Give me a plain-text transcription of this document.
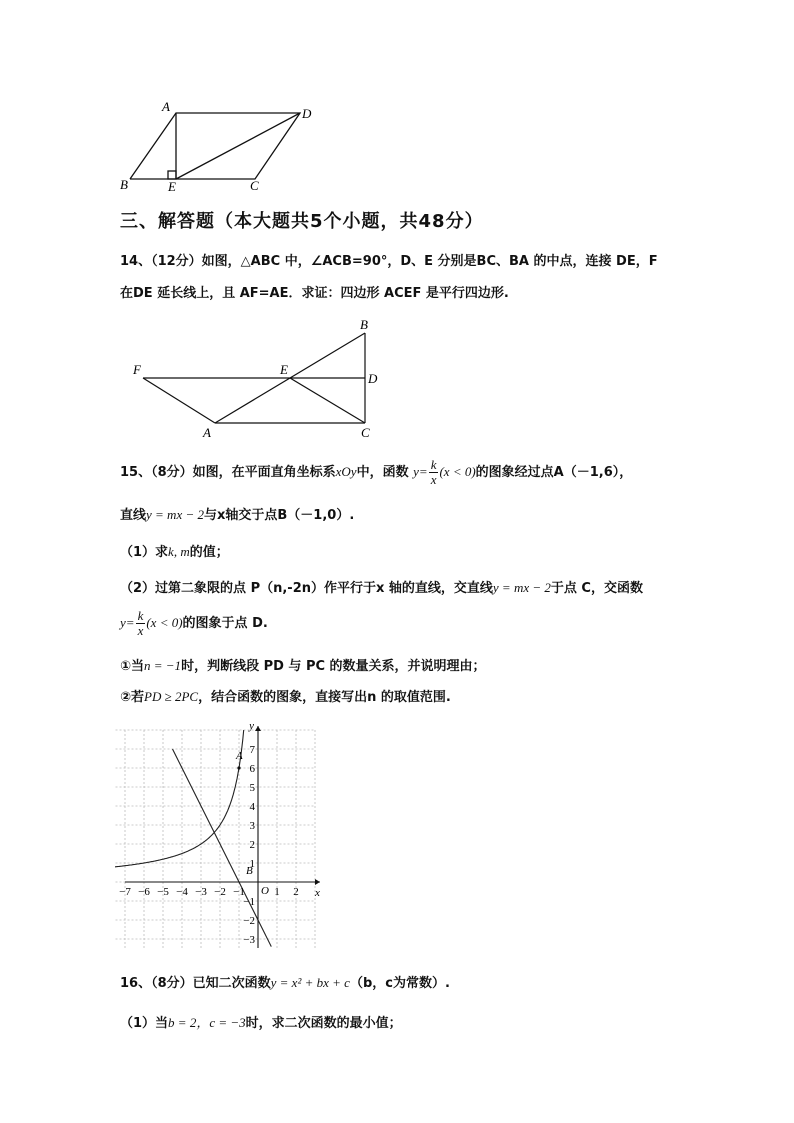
A	D
B	E	C
三、解答题（本大题共5个小题，共48分）
14、（12分）如图，△ABC 中，∠ACB=90°，D、E 分别是BC、BA 的中点，连接 DE，F
在DE 延长线上，且 AF=AE．求证：四边形 ACEF 是平行四边形.
B
F	E
D
A	C
15、（8分）如图，在平面直角坐标系xOy中，函数 $y= \frac{k}{x} (x < 0)$的图象经过点A（－1,6），
直线y = mx − 2与x轴交于点B（－1,0）.
（1）求k, m的值；
（2）过第二象限的点 P（n,-2n）作平行于x 轴的直线，交直线y = mx − 2于点 C，交函数
$y= \frac{k}{x} (x < 0)$的图象于点 D.
①当n = −1时，判断线段 PD 与 PC 的数量关系，并说明理由；
②若PD ≥ 2PC，结合函数的图象，直接写出n 的取值范围.
−7 −6 −5 −4 −3 −2 −1	1 2
7
6
5
4
3
2
1
−1
−2
−3
x
y
O
A
B
16、（8分）已知二次函数y = x² + bx + c（b，c为常数）.
（1）当b = 2，c = −3时，求二次函数的最小值；
